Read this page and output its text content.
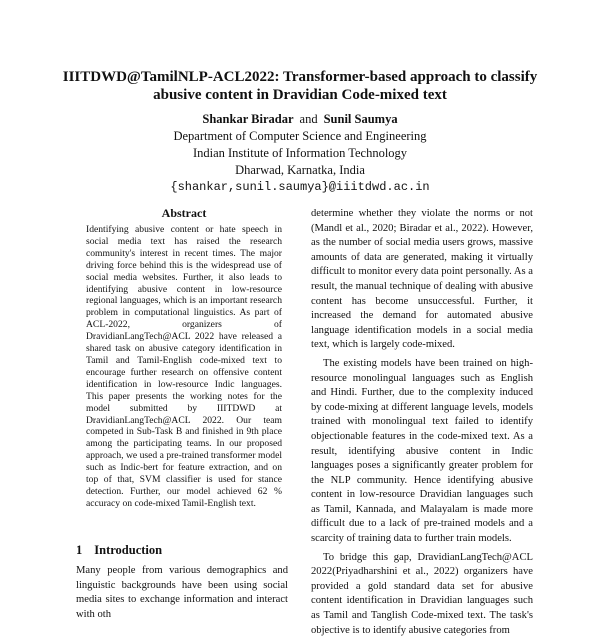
IIITDWD@TamilNLP-ACL2022: Transformer-based approach to classify
abusive content in Dravidian Code-mixed text
Shankar Biradar and Sunil Saumya
Department of Computer Science and Engineering
Indian Institute of Information Technology
Dharwad, Karnatka, India
{shankar,sunil.saumya}@iiitdwd.ac.in
Abstract

Identifying abusive content or hate speech in social media text has raised the research community's interest in recent times. The major driving force behind this is the widespread use of social media websites. Further, it also leads to identifying abusive content in low-resource regional languages, which is an important research problem in computational linguistics. As part of ACL-2022, organizers of DravidianLangTech@ACL 2022 have released a shared task on abusive category identification in Tamil and Tamil-English code-mixed text to encourage further research on offensive content identification in low-resource Indic languages. This paper presents the working notes for the model submitted by IIITDWD at DravidianLangTech@ACL 2022. Our team competed in Sub-Task B and finished in 9th place among the participating teams. In our proposed approach, we used a pre-trained transformer model such as Indic-bert for feature extraction, and on top of that, SVM classifier is used for stance detection. Further, our model achieved 62 % accuracy on code-mixed Tamil-English text.

1 Introduction

Many people from various demographics and linguistic backgrounds have been using social media sites to exchange information and interact with oth

determine whether they violate the norms or not (Mandl et al., 2020; Biradar et al., 2022). However, as the number of social media users grows, massive amounts of data are generated, making it virtually difficult to monitor every data point personally. As a result, the manual technique of dealing with abusive content has become unsuccessful. Further, it increased the demand for automated abusive language identification models in a social media text, which is largely code-mixed.

The existing models have been trained on high-resource monolingual languages such as English and Hindi. Further, due to the complexity induced by code-mixing at different language levels, models trained with monolingual text failed to identify objectionable features in the code-mixed text. As a result, identifying abusive content in Indic languages poses a significantly greater problem for the NLP community. Hence identifying abusive content in low-resource Dravidian languages such as Tamil, Kannada, and Malayalam is made more difficult due to a lack of pre-trained models and a scarcity of training data to further train models.

To bridge this gap, DravidianLangTech@ACL 2022(Priyadharshini et al., 2022) organizers have provided a gold standard data set for abusive content identification in Dravidian languages such as Tamil and Tanglish Code-mixed text. The task's objective is to identify abusive categories from
